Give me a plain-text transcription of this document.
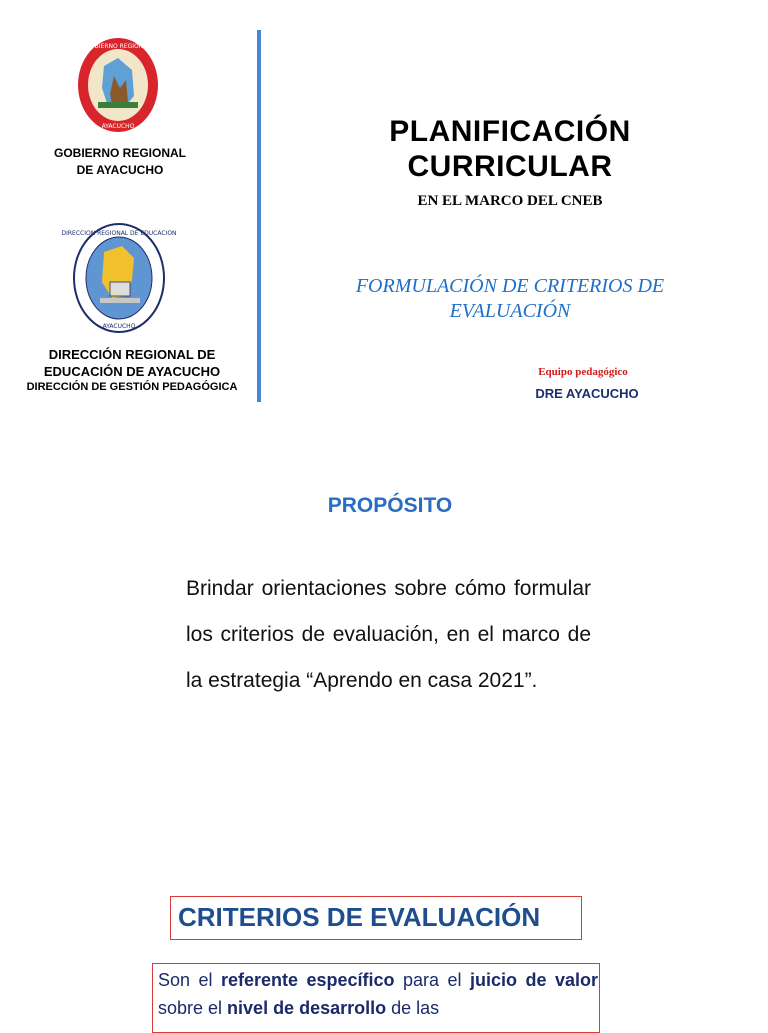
GOBIERNO REGIONAL
AYACUCHO
GOBIERNO REGIONAL
DE AYACUCHO
DIRECCION REGIONAL DE EDUCACION
AYACUCHO
DIRECCIÓN REGIONAL DE
EDUCACIÓN DE AYACUCHO
DIRECCIÓN DE GESTIÓN PEDAGÓGICA
PLANIFICACIÓN
CURRICULAR
EN EL MARCO DEL CNEB
FORMULACIÓN DE CRITERIOS DE
EVALUACIÓN
Equipo pedagógico
DRE AYACUCHO
PROPÓSITO
Brindar orientaciones sobre cómo formular los criterios de evaluación, en el marco de la estrategia “Aprendo en casa 2021”.
CRITERIOS DE EVALUACIÓN
Son el referente específico para el juicio de valor sobre el nivel de desarrollo de las
